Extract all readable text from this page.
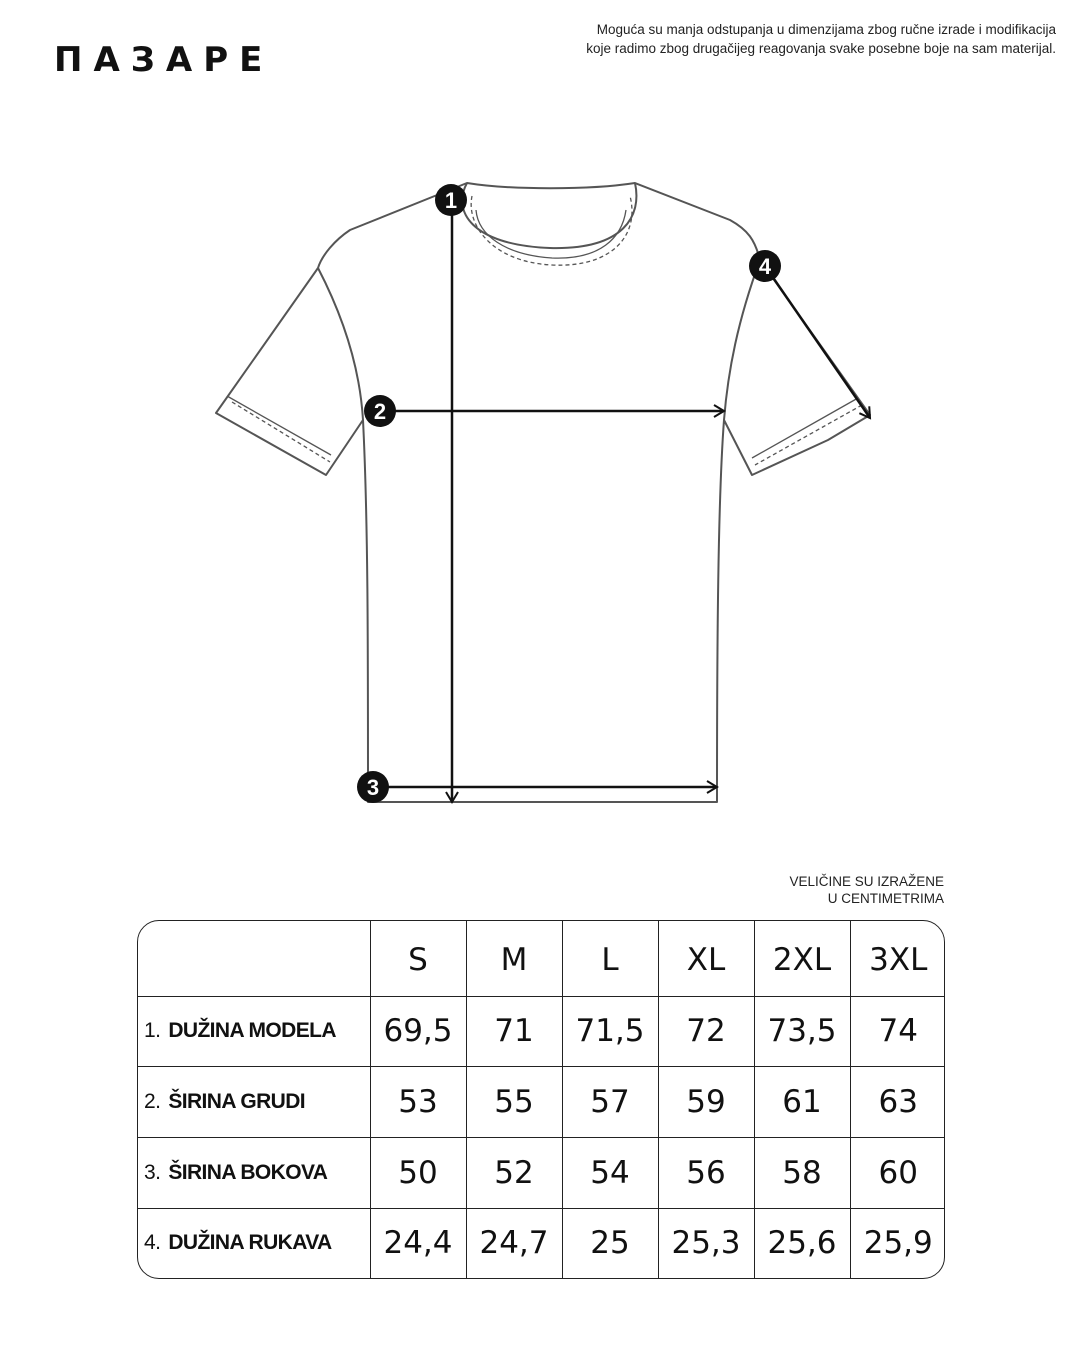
ПАЗАРЕ
Moguća su manja odstupanja u dimenzijama zbog ručne izrade i modifikacija
koje radimo zbog drugačijeg reagovanja svake posebne boje na sam materijal.
1
2
3
4
VELIČINE SU IZRAŽENE
U CENTIMETRIMA
	S	M	L	XL	2XL	3XL
1. DUŽINA MODELA	69,5	71	71,5	72	73,5	74
2. ŠIRINA GRUDI	53	55	57	59	61	63
3. ŠIRINA BOKOVA	50	52	54	56	58	60
4. DUŽINA RUKAVA	24,4	24,7	25	25,3	25,6	25,9
